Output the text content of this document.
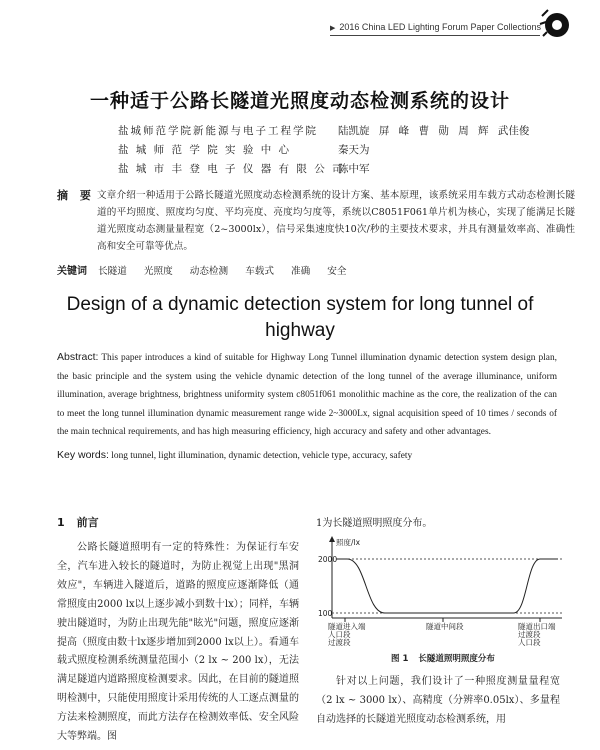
▶ 2016 China LED Lighting Forum Paper Collections
一种适于公路长隧道光照度动态检测系统的设计
盐城师范学院新能源与电子工程学院 陆凯旋 屏 峰 曹 勋 周 辉 武佳俊
盐 城 师 范 学 院 实 验 中 心	秦天为
盐 城 市 丰 登 电 子 仪 器 有 限 公 司陈中军
摘 要 文章介绍一种适用于公路长隧道光照度动态检测系统的设计方案、基本原理，该系统采用车载方式动态检测长隧道的平均照度、照度均匀度、平均亮度、亮度均匀度等，系统以C8051F061单片机为核心，实现了能满足长隧道光照度动态测量量程宽（2~3000lx），信号采集速度快10次/秒的主要技术要求，并具有测量效率高、准确性高和安全可靠等优点。
关键词 长隧道 光照度 动态检测 车载式 准确 安全
Design of a dynamic detection system for long tunnel of highway
Abstract: This paper introduces a kind of suitable for Highway Long Tunnel illumination dynamic detection system design plan, the basic principle and the system using the vehicle dynamic detection of the long tunnel of the average illuminance, uniform illumination, average brightness, brightness uniformity system c8051f061 monolithic machine as the core, the realization of the can to meet the long tunnel illumination dynamic measurement range wide 2~3000Lx, signal acquisition speed of 10 times / seconds of the main technical requirements, and has high measuring efficiency, high accuracy and safety and other advantages.
Key words: long tunnel, light illumination, dynamic detection, vehicle type, accuracy, safety
1 前言
公路长隧道照明有一定的特殊性：为保证行车安全，汽车进入较长的隧道时，为防止视觉上出现"黑洞效应"，车辆进入隧道后，道路的照度应逐渐降低（通常照度由2000 lx以上逐步减小到数十lx）；同样，车辆驶出隧道时，为防止出现先能"眩光"问题，照度应逐渐提高（照度由数十lx逐步增加到2000 lx以上）。看通车载式照度检测系统测量范围小（2 lx ~ 200 lx），无法满足隧道内道路照度检测要求。因此，在目前的隧道照明检测中，只能使用照度计采用传统的人工逐点测量的方法来检测照度，而此方法存在检测效率低、安全风险大等弊端。图
1为长隧道照明照度分布。
照度/lx
2000
100
隧道进入端人口段过渡段
隧道中间段	隧道出口端过渡段人口段
图 1 长隧道照明照度分布
针对以上问题，我们设计了一种照度测量量程宽（2 lx ~ 3000 lx）、高精度（分辨率0.05lx）、多量程自动选择的长隧道光照度动态检测系统，用
